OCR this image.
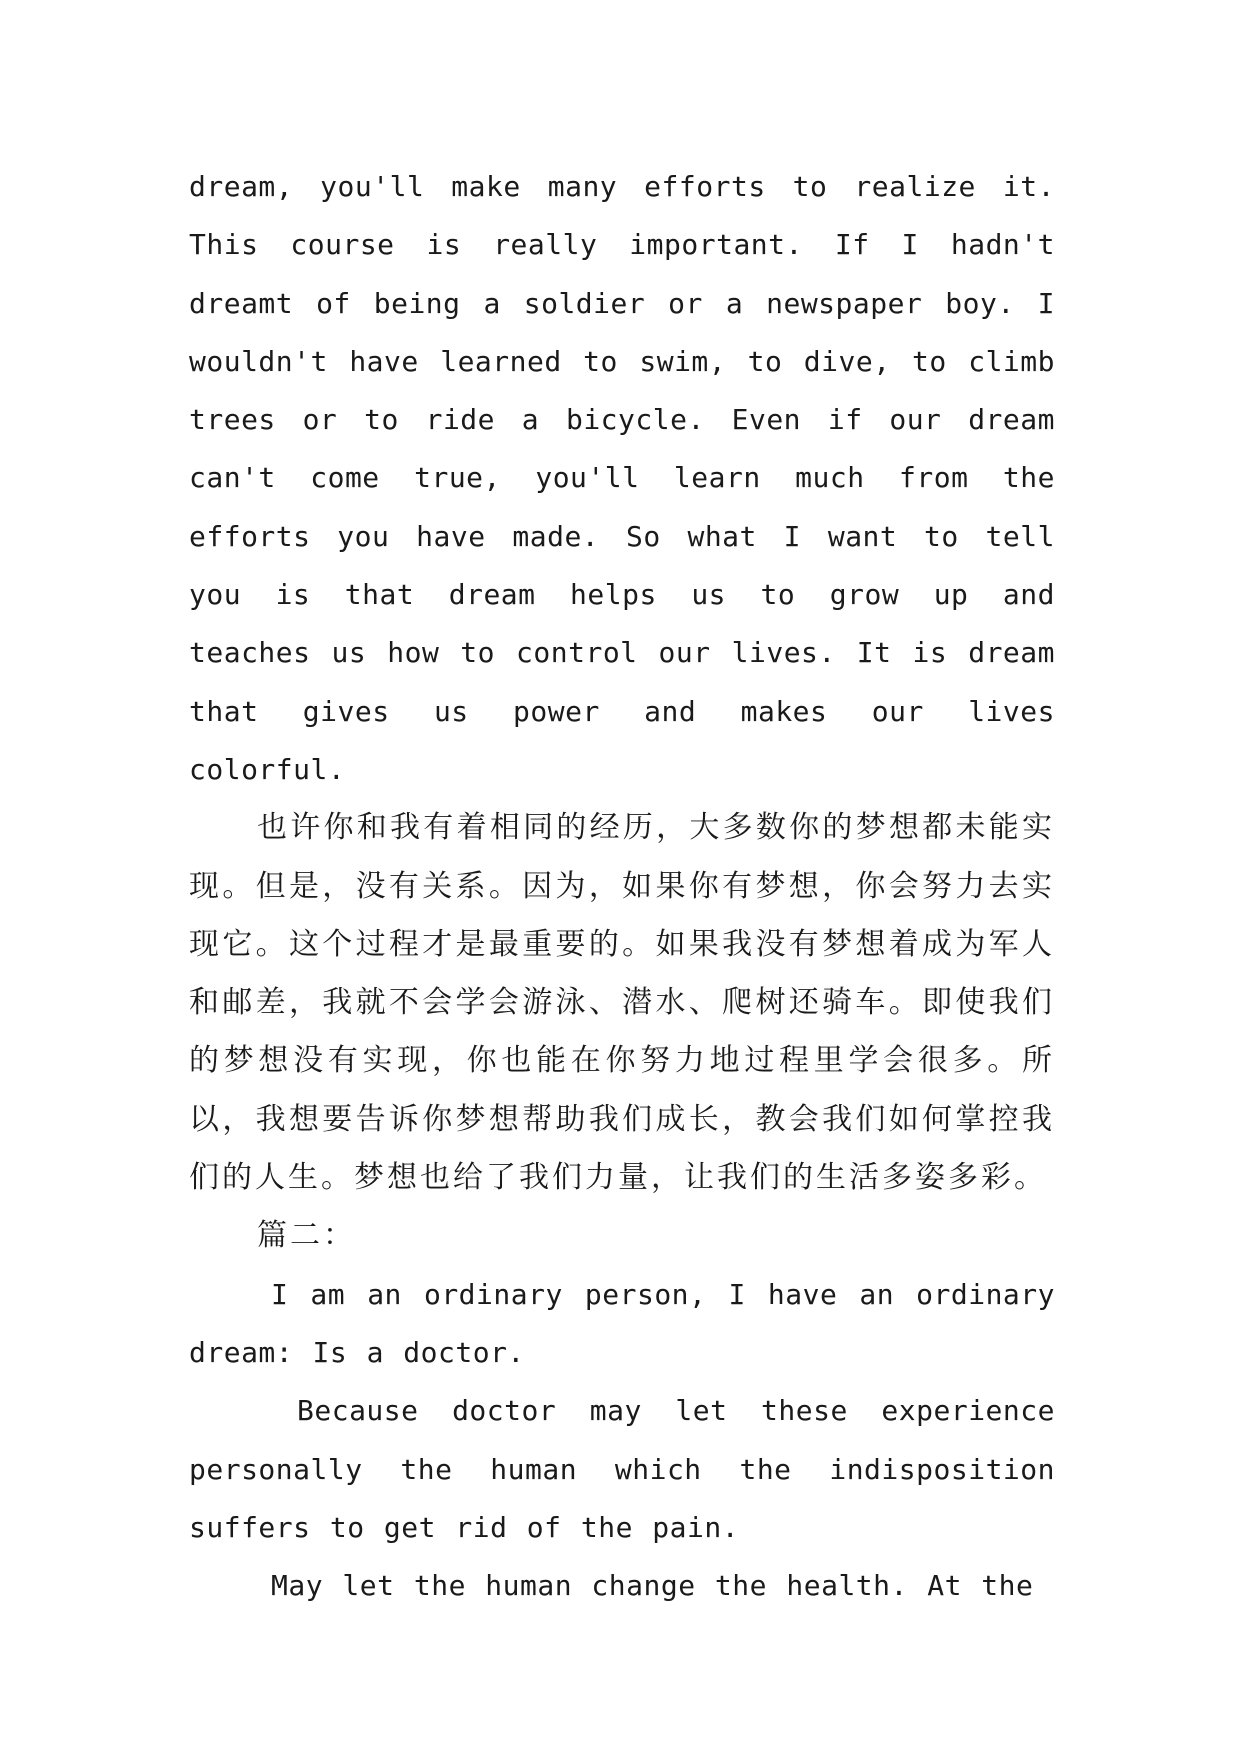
dream, you'll make many efforts to realize it. This course is really important. If I hadn't dreamt of being a soldier or a newspaper boy. I wouldn't have learned to swim, to dive, to climb trees or to ride a bicycle. Even if our dream can't come true, you'll learn much from the efforts you have made. So what I want to tell you is that dream helps us to grow up and teaches us how to control our lives. It is dream that gives us power and makes our lives colorful.

也许你和我有着相同的经历，大多数你的梦想都未能实现。但是，没有关系。因为，如果你有梦想，你会努力去实现它。这个过程才是最重要的。如果我没有梦想着成为军人和邮差，我就不会学会游泳、潜水、爬树还骑车。即使我们的梦想没有实现，你也能在你努力地过程里学会很多。所以，我想要告诉你梦想帮助我们成长，教会我们如何掌控我们的人生。梦想也给了我们力量，让我们的生活多姿多彩。

篇二：

I am an ordinary person, I have an ordinary dream: Is a doctor.

Because doctor may let these experience personally the human which the indisposition suffers to get rid of the pain.

May let the human change the health. At the
